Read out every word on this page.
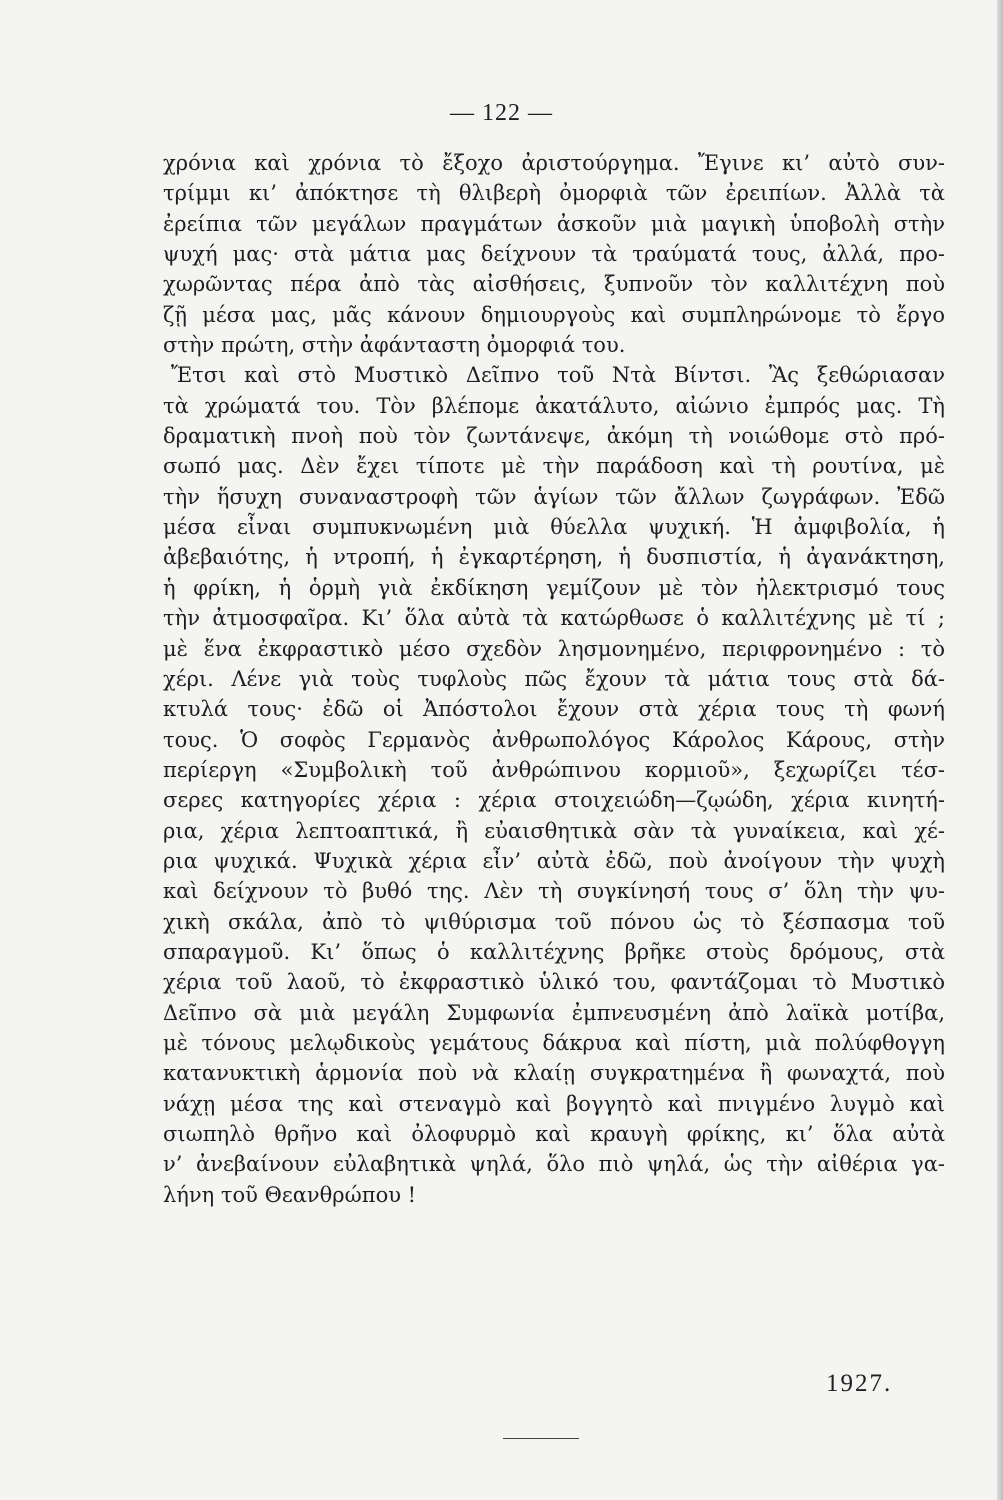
— 122 —
χρόνια καὶ χρόνια τὸ ἔξοχο ἀριστούργημα. Ἔγινε κι’ αὐτὸ συν-
τρίμμι κι’ ἀπόκτησε τὴ θλιβερὴ ὀμορφιὰ τῶν ἐρειπίων. Ἀλλὰ τὰ
ἐρείπια τῶν μεγάλων πραγμάτων ἀσκοῦν μιὰ μαγικὴ ὑποβολὴ στὴν
ψυχή μας· στὰ μάτια μας δείχνουν τὰ τραύματά τους, ἀλλά, προ-
χωρῶντας πέρα ἀπὸ τὰς αἰσθήσεις, ξυπνοῦν τὸν καλλιτέχνη ποὺ
ζῇ μέσα μας, μᾶς κάνουν δημιουργοὺς καὶ συμπληρώνομε τὸ ἔργο
στὴν πρώτη, στὴν ἀφάνταστη ὀμορφιά του.
Ἔτσι καὶ στὸ Μυστικὸ Δεῖπνο τοῦ Ντὰ Βίντσι. Ἂς ξεθώριασαν
τὰ χρώματά του. Τὸν βλέπομε ἀκατάλυτο, αἰώνιο ἐμπρός μας. Τὴ
δραματικὴ πνοὴ ποὺ τὸν ζωντάνεψε, ἀκόμη τὴ νοιώθομε στὸ πρό-
σωπό μας. Δὲν ἔχει τίποτε μὲ τὴν παράδοση καὶ τὴ ρουτίνα, μὲ
τὴν ἥσυχη συναναστροφὴ τῶν ἁγίων τῶν ἄλλων ζωγράφων. Ἐδῶ
μέσα εἶναι συμπυκνωμένη μιὰ θύελλα ψυχική. Ἡ ἀμφιβολία, ἡ
ἀβεβαιότης, ἡ ντροπή, ἡ ἐγκαρτέρηση, ἡ δυσπιστία, ἡ ἀγανάκτηση,
ἡ φρίκη, ἡ ὁρμὴ γιὰ ἐκδίκηση γεμίζουν μὲ τὸν ἠλεκτρισμό τους
τὴν ἀτμοσφαῖρα. Κι’ ὅλα αὐτὰ τὰ κατώρθωσε ὁ καλλιτέχνης μὲ τί ;
μὲ ἕνα ἐκφραστικὸ μέσο σχεδὸν λησμονημένο, περιφρονημένο : τὸ
χέρι. Λένε γιὰ τοὺς τυφλοὺς πῶς ἔχουν τὰ μάτια τους στὰ δά-
κτυλά τους· ἐδῶ οἱ Ἀπόστολοι ἔχουν στὰ χέρια τους τὴ φωνή
τους. Ὁ σοφὸς Γερμανὸς ἀνθρωπολόγος Κάρολος Κάρους, στὴν
περίεργη «Συμβολικὴ τοῦ ἀνθρώπινου κορμιοῦ», ξεχωρίζει τέσ-
σερες κατηγορίες χέρια : χέρια στοιχειώδη—ζῳώδη, χέρια κινητή-
ρια, χέρια λεπτοαπτικά, ἢ εὐαισθητικὰ σὰν τὰ γυναίκεια, καὶ χέ-
ρια ψυχικά. Ψυχικὰ χέρια εἶν’ αὐτὰ ἐδῶ, ποὺ ἀνοίγουν τὴν ψυχὴ
καὶ δείχνουν τὸ βυθό της. Λὲν τὴ συγκίνησή τους σ’ ὅλη τὴν ψυ-
χικὴ σκάλα, ἀπὸ τὸ ψιθύρισμα τοῦ πόνου ὡς τὸ ξέσπασμα τοῦ
σπαραγμοῦ. Κι’ ὅπως ὁ καλλιτέχνης βρῆκε στοὺς δρόμους, στὰ
χέρια τοῦ λαοῦ, τὸ ἐκφραστικὸ ὑλικό του, φαντάζομαι τὸ Μυστικὸ
Δεῖπνο σὰ μιὰ μεγάλη Συμφωνία ἐμπνευσμένη ἀπὸ λαϊκὰ μοτίβα,
μὲ τόνους μελῳδικοὺς γεμάτους δάκρυα καὶ πίστη, μιὰ πολύφθογγη
κατανυκτικὴ ἁρμονία ποὺ νὰ κλαίῃ συγκρατημένα ἢ φωναχτά, ποὺ
νάχῃ μέσα της καὶ στεναγμὸ καὶ βογγητὸ καὶ πνιγμένο λυγμὸ καὶ
σιωπηλὸ θρῆνο καὶ ὀλοφυρμὸ καὶ κραυγὴ φρίκης, κι’ ὅλα αὐτὰ
ν’ ἀνεβαίνουν εὐλαβητικὰ ψηλά, ὅλο πιὸ ψηλά, ὡς τὴν αἰθέρια γα-
λήνη τοῦ Θεανθρώπου !
1927.
